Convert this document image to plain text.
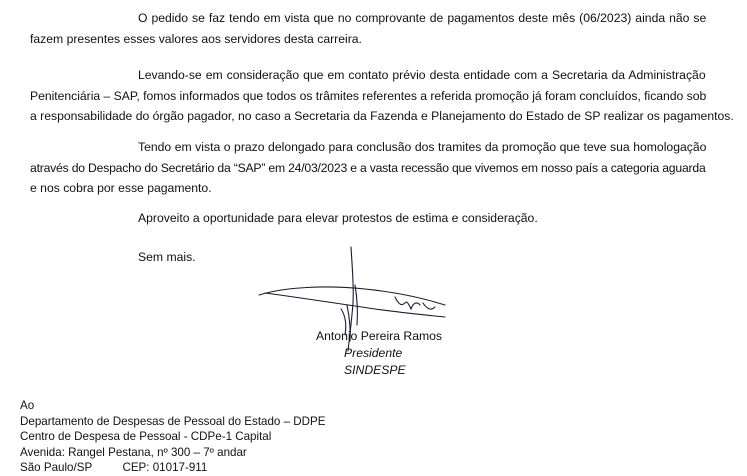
O pedido se faz tendo em vista que no comprovante de pagamentos deste mês (06/2023) ainda não se
fazem presentes esses valores aos servidores desta carreira.
Levando-se em consideração que em contato prévio desta entidade com a Secretaria da Administração
Penitenciária – SAP, fomos informados que todos os trâmites referentes a referida promoção já foram concluídos, ficando sob
a responsabilidade do órgão pagador, no caso a Secretaria da Fazenda e Planejamento do Estado de SP realizar os pagamentos.
Tendo em vista o prazo delongado para conclusão dos tramites da promoção que teve sua homologação
através do Despacho do Secretário da “SAP” em 24/03/2023 e a vasta recessão que vivemos em nosso país a categoria aguarda
e nos cobra por esse pagamento.
Aproveito a oportunidade para elevar protestos de estima e consideração.
Sem mais.
Antonio Pereira Ramos
Presidente
SINDESPE
Ao
Departamento de Despesas de Pessoal do Estado – DDPE
Centro de Despesa de Pessoal - CDPe-1 Capital
Avenida: Rangel Pestana, nº 300 – 7º andar
São Paulo/SP	CEP: 01017-911
